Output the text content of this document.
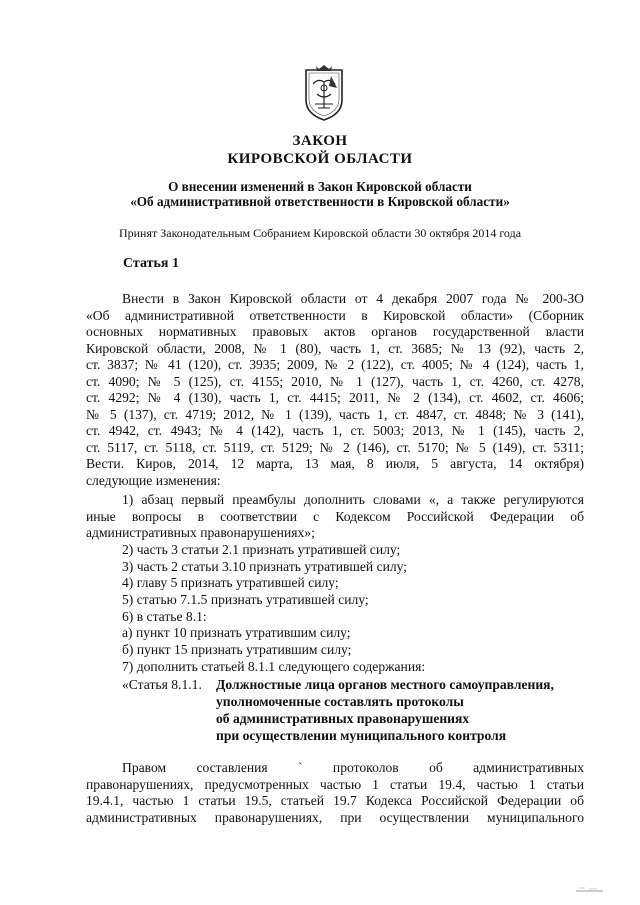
ЗАКОН
КИРОВСКОЙ ОБЛАСТИ
О внесении изменений в Закон Кировской области
«Об административной ответственности в Кировской области»
Принят Законодательным Собранием Кировской области 30 октября 2014 года
Статья 1
Внести в Закон Кировской области от 4 декабря 2007 года № 200-ЗО
«Об административной ответственности в Кировской области» (Сборник
основных нормативных правовых актов органов государственной власти
Кировской области, 2008, № 1 (80), часть 1, ст. 3685; № 13 (92), часть 2,
ст. 3837; № 41 (120), ст. 3935; 2009, № 2 (122), ст. 4005; № 4 (124), часть 1,
ст. 4090; № 5 (125), ст. 4155; 2010, № 1 (127), часть 1, ст. 4260, ст. 4278,
ст. 4292; № 4 (130), часть 1, ст. 4415; 2011, № 2 (134), ст. 4602, ст. 4606;
№ 5 (137), ст. 4719; 2012, № 1 (139), часть 1, ст. 4847, ст. 4848; № 3 (141),
ст. 4942, ст. 4943; № 4 (142), часть 1, ст. 5003; 2013, № 1 (145), часть 2,
ст. 5117, ст. 5118, ст. 5119, ст. 5129; № 2 (146), ст. 5170; № 5 (149), ст. 5311;
Вести. Киров, 2014, 12 марта, 13 мая, 8 июля, 5 августа, 14 октября)
следующие изменения:
1) абзац первый преамбулы дополнить словами «, а также регулируются
иные вопросы в соответствии с Кодексом Российской Федерации об
административных правонарушениях»;
2) часть 3 статьи 2.1 признать утратившей силу;
3) часть 2 статьи 3.10 признать утратившей силу;
4) главу 5 признать утратившей силу;
5) статью 7.1.5 признать утратившей силу;
6) в статье 8.1:
а) пункт 10 признать утратившим силу;
б) пункт 15 признать утратившим силу;
7) дополнить статьей 8.1.1 следующего содержания:
«Статья 8.1.1. Должностные лица органов местного самоуправления,
уполномоченные составлять протоколы
об административных правонарушениях
при осуществлении муниципального контроля
Правом составления ` протоколов об административных
правонарушениях, предусмотренных частью 1 статьи 19.4, частью 1 статьи
19.4.1, частью 1 статьи 19.5, статьей 19.7 Кодекса Российской Федерации об
административных правонарушениях, при осуществлении муниципального
